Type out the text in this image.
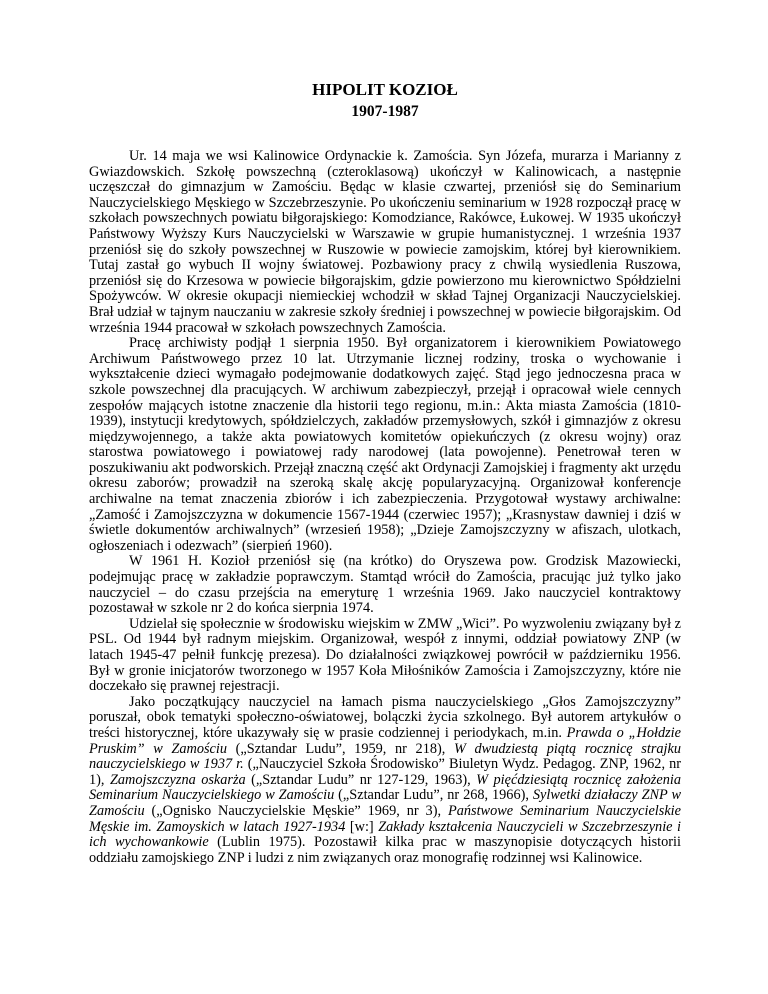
HIPOLIT KOZIOŁ
1907-1987

Ur. 14 maja we wsi Kalinowice Ordynackie k. Zamościa. Syn Józefa, murarza i Marianny z Gwiazdowskich. Szkołę powszechną (czteroklasową) ukończył w Kalinowicach, a następnie uczęszczał do gimnazjum w Zamościu. Będąc w klasie czwartej, przeniósł się do Seminarium Nauczycielskiego Męskiego w Szczebrzeszynie. Po ukończeniu seminarium w 1928 rozpoczął pracę w szkołach powszechnych powiatu biłgorajskiego: Komodziance, Rakówce, Łukowej. W 1935 ukończył Państwowy Wyższy Kurs Nauczycielski w Warszawie w grupie humanistycznej. 1 września 1937 przeniósł się do szkoły powszechnej w Ruszowie w powiecie zamojskim, której był kierownikiem. Tutaj zastał go wybuch II wojny światowej. Pozbawiony pracy z chwilą wysiedlenia Ruszowa, przeniósł się do Krzesowa w powiecie biłgorajskim, gdzie powierzono mu kierownictwo Spółdzielni Spożywców. W okresie okupacji niemieckiej wchodził w skład Tajnej Organizacji Nauczycielskiej. Brał udział w tajnym nauczaniu w zakresie szkoły średniej i powszechnej w powiecie biłgorajskim. Od września 1944 pracował w szkołach powszechnych Zamościa.

Pracę archiwisty podjął 1 sierpnia 1950. Był organizatorem i kierownikiem Powiatowego Archiwum Państwowego przez 10 lat. Utrzymanie licznej rodziny, troska o wychowanie i wykształcenie dzieci wymagało podejmowanie dodatkowych zajęć. Stąd jego jednoczesna praca w szkole powszechnej dla pracujących. W archiwum zabezpieczył, przejął i opracował wiele cennych zespołów mających istotne znaczenie dla historii tego regionu, m.in.: Akta miasta Zamościa (1810-1939), instytucji kredytowych, spółdzielczych, zakładów przemysłowych, szkół i gimnazjów z okresu międzywojennego, a także akta powiatowych komitetów opiekuńczych (z okresu wojny) oraz starostwa powiatowego i powiatowej rady narodowej (lata powojenne). Penetrował teren w poszukiwaniu akt podworskich. Przejął znaczną część akt Ordynacji Zamojskiej i fragmenty akt urzędu okresu zaborów; prowadził na szeroką skalę akcję popularyzacyjną. Organizował konferencje archiwalne na temat znaczenia zbiorów i ich zabezpieczenia. Przygotował wystawy archiwalne: „Zamość i Zamojszczyzna w dokumencie 1567-1944 (czerwiec 1957); „Krasnystaw dawniej i dziś w świetle dokumentów archiwalnych” (wrzesień 1958); „Dzieje Zamojszczyzny w afiszach, ulotkach, ogłoszeniach i odezwach” (sierpień 1960).

W 1961 H. Kozioł przeniósł się (na krótko) do Oryszewa pow. Grodzisk Mazowiecki, podejmując pracę w zakładzie poprawczym. Stamtąd wrócił do Zamościa, pracując już tylko jako nauczyciel – do czasu przejścia na emeryturę 1 września 1969. Jako nauczyciel kontraktowy pozostawał w szkole nr 2 do końca sierpnia 1974.

Udzielał się społecznie w środowisku wiejskim w ZMW „Wici”. Po wyzwoleniu związany był z PSL. Od 1944 był radnym miejskim. Organizował, wespół z innymi, oddział powiatowy ZNP (w latach 1945-47 pełnił funkcję prezesa). Do działalności związkowej powrócił w październiku 1956. Był w gronie inicjatorów tworzonego w 1957 Koła Miłośników Zamościa i Zamojszczyzny, które nie doczekało się prawnej rejestracji.

Jako początkujący nauczyciel na łamach pisma nauczycielskiego „Głos Zamojszczyzny” poruszał, obok tematyki społeczno-oświatowej, bolączki życia szkolnego. Był autorem artykułów o treści historycznej, które ukazywały się w prasie codziennej i periodykach, m.in. Prawda o „Hołdzie Pruskim” w Zamościu („Sztandar Ludu”, 1959, nr 218), W dwudziestą piątą rocznicę strajku nauczycielskiego w 1937 r. („Nauczyciel Szkoła Środowisko” Biuletyn Wydz. Pedagog. ZNP, 1962, nr 1), Zamojszczyzna oskarża („Sztandar Ludu” nr 127-129, 1963), W pięćdziesiątą rocznicę założenia Seminarium Nauczycielskiego w Zamościu („Sztandar Ludu”, nr 268, 1966), Sylwetki działaczy ZNP w Zamościu („Ognisko Nauczycielskie Męskie” 1969, nr 3), Państwowe Seminarium Nauczycielskie Męskie im. Zamoyskich w latach 1927-1934 [w:] Zakłady kształcenia Nauczycieli w Szczebrzeszynie i ich wychowankowie (Lublin 1975). Pozostawił kilka prac w maszynopisie dotyczących historii oddziału zamojskiego ZNP i ludzi z nim związanych oraz monografię rodzinnej wsi Kalinowice.
